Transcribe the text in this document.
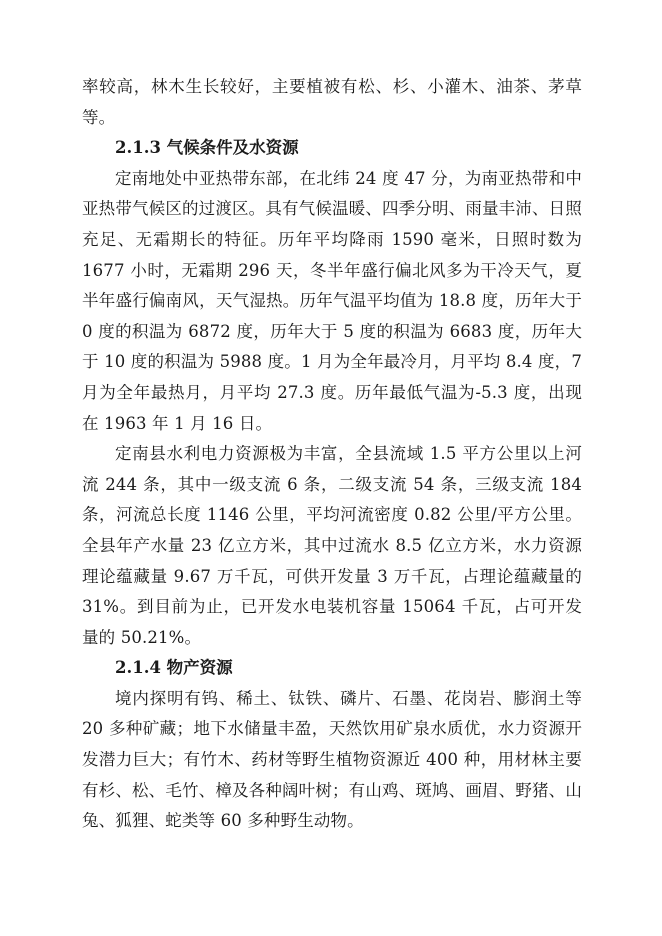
率较高，林木生长较好，主要植被有松、杉、小灌木、油茶、茅草等。

2.1.3 气候条件及水资源

定南地处中亚热带东部，在北纬 24 度 47 分，为南亚热带和中亚热带气候区的过渡区。具有气候温暖、四季分明、雨量丰沛、日照充足、无霜期长的特征。历年平均降雨 1590 毫米，日照时数为 1677 小时，无霜期 296 天，冬半年盛行偏北风多为干冷天气，夏半年盛行偏南风，天气湿热。历年气温平均值为 18.8 度，历年大于 0 度的积温为 6872 度，历年大于 5 度的积温为 6683 度，历年大于 10 度的积温为 5988 度。1 月为全年最冷月，月平均 8.4 度，7 月为全年最热月，月平均 27.3 度。历年最低气温为-5.3 度，出现在 1963 年 1 月 16 日。

定南县水利电力资源极为丰富，全县流域 1.5 平方公里以上河流 244 条，其中一级支流 6 条，二级支流 54 条，三级支流 184 条，河流总长度 1146 公里，平均河流密度 0.82 公里/平方公里。全县年产水量 23 亿立方米，其中过流水 8.5 亿立方米，水力资源理论蕴藏量 9.67 万千瓦，可供开发量 3 万千瓦，占理论蕴藏量的 31%。到目前为止，已开发水电装机容量 15064 千瓦，占可开发量的 50.21%。

2.1.4 物产资源

境内探明有钨、稀土、钛铁、磷片、石墨、花岗岩、膨润土等 20 多种矿藏；地下水储量丰盈，天然饮用矿泉水质优，水力资源开发潜力巨大；有竹木、药材等野生植物资源近 400 种，用材林主要有杉、松、毛竹、樟及各种阔叶树；有山鸡、斑鸠、画眉、野猪、山兔、狐狸、蛇类等 60 多种野生动物。
